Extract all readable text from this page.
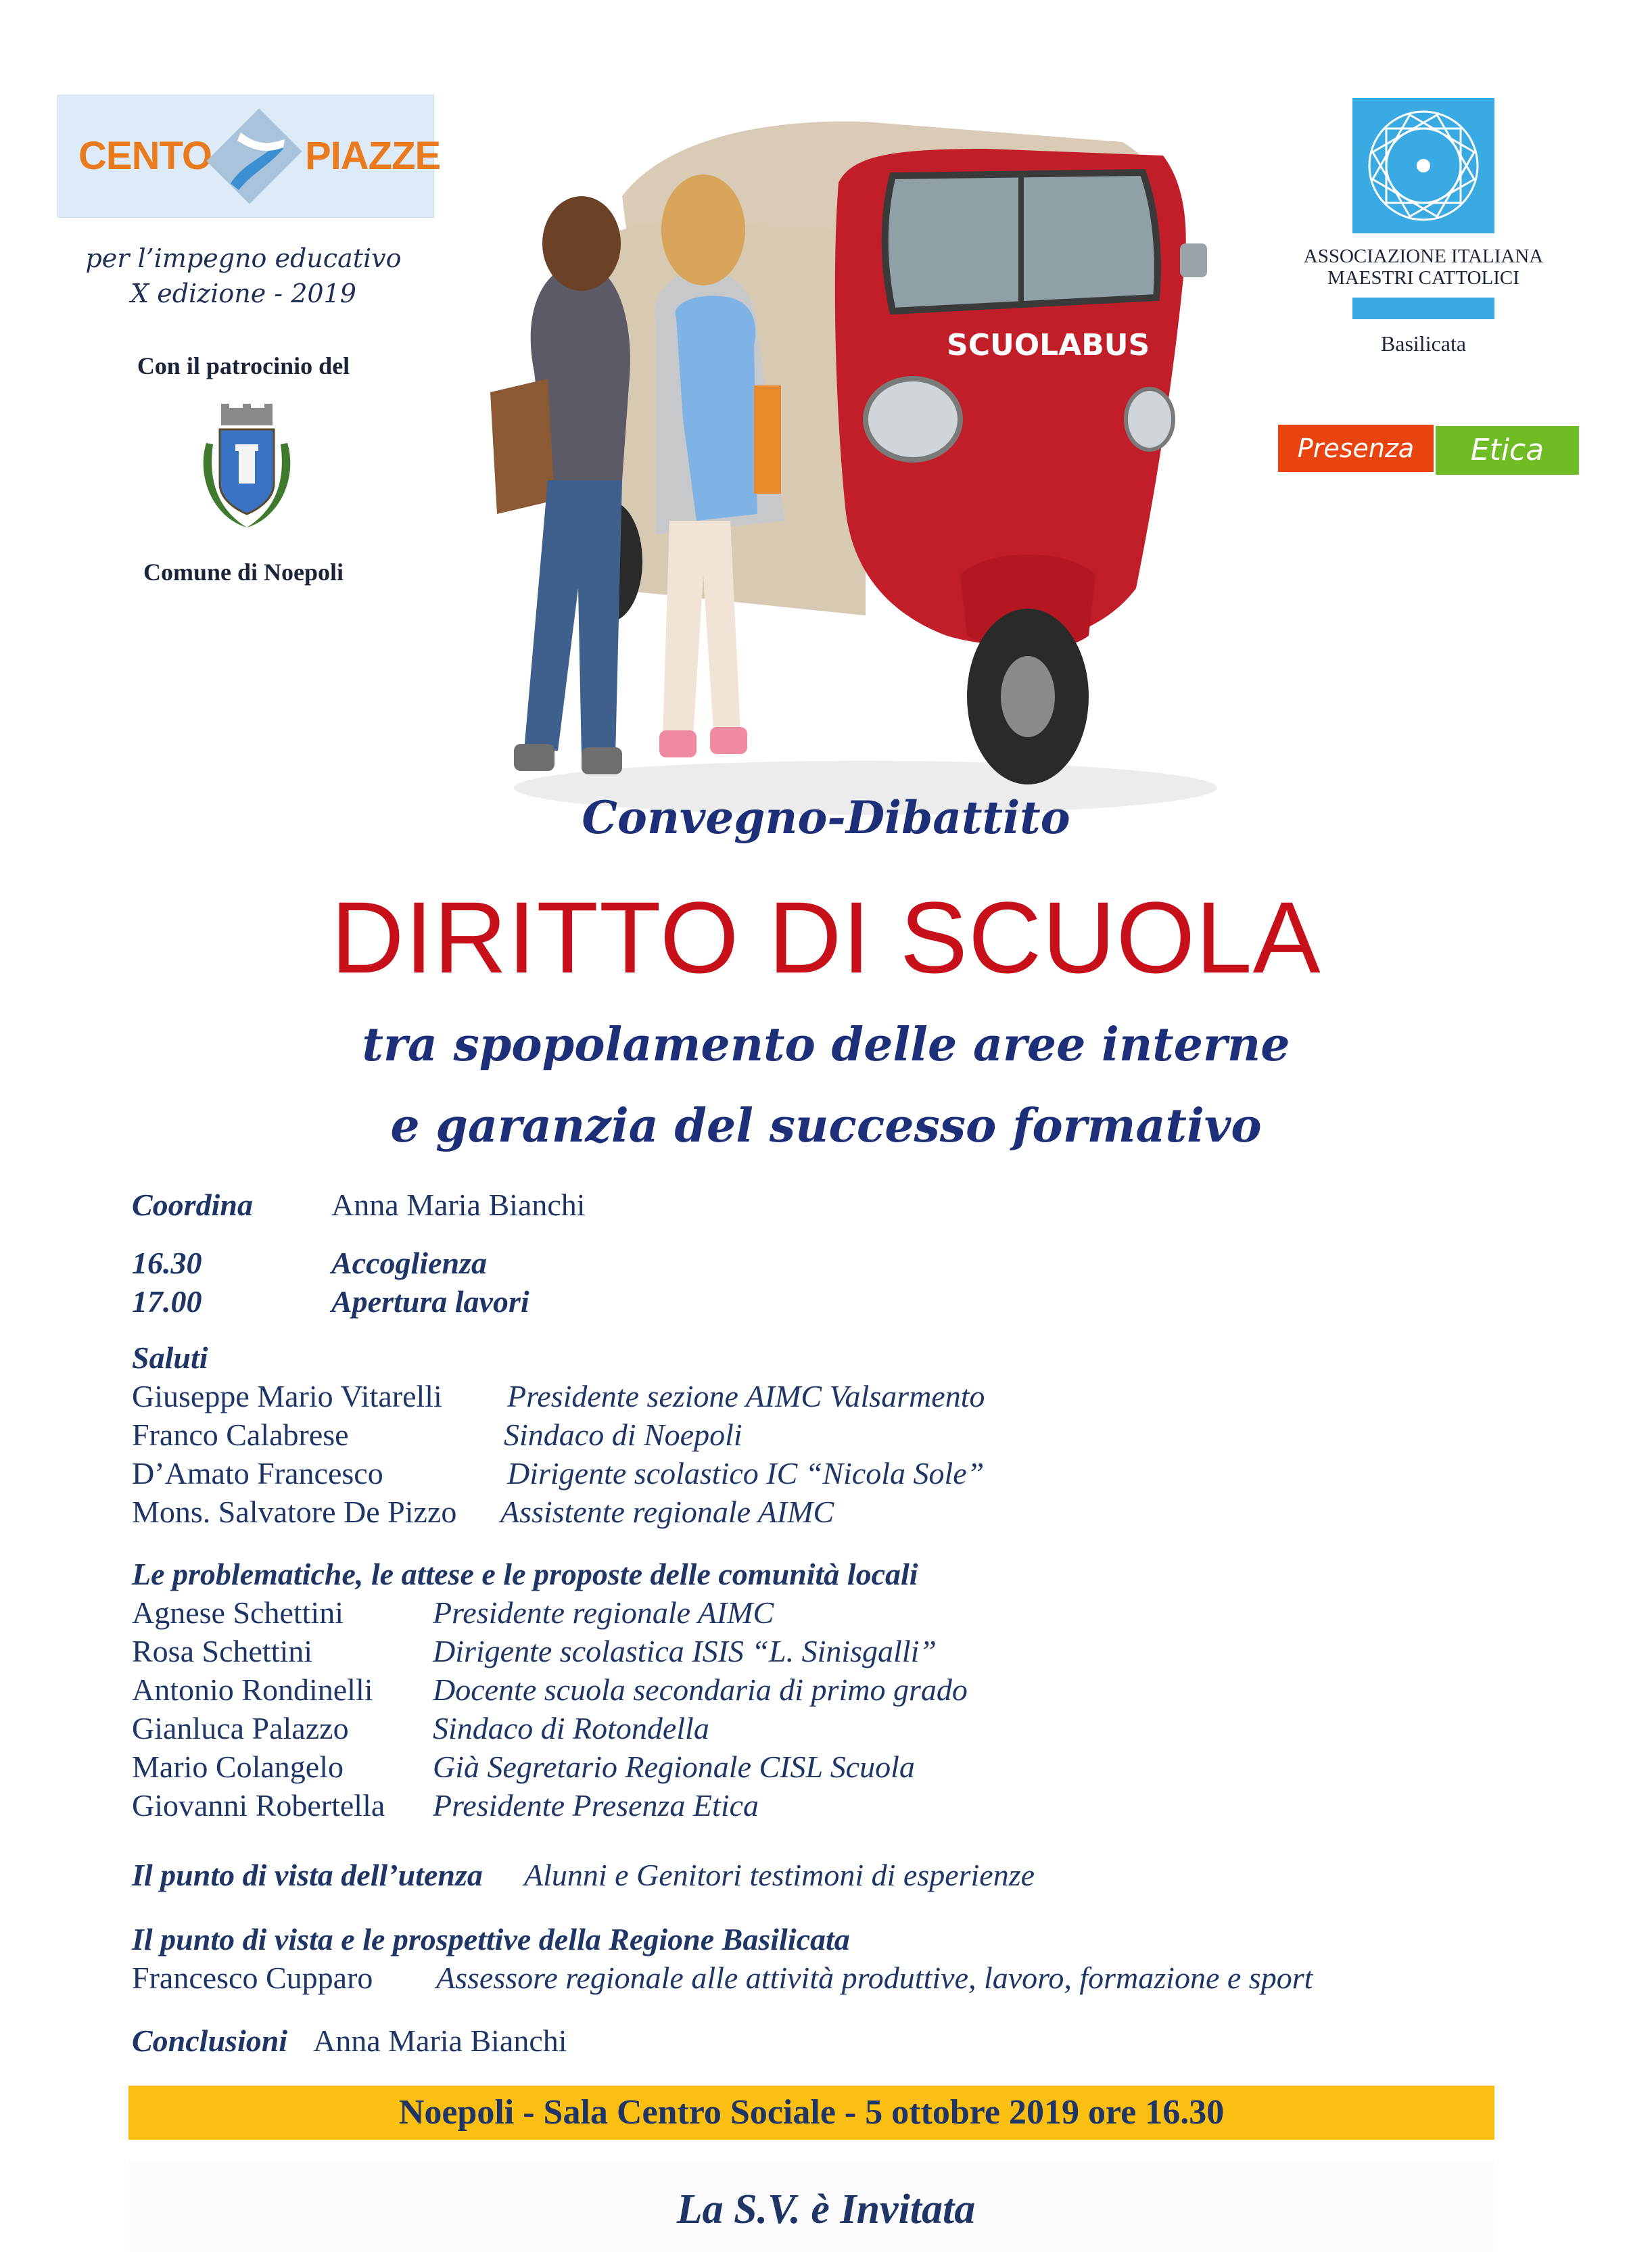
CENTO PIAZZE
per l’impegno educativo
X edizione - 2019
Con il patrocinio del
Comune di Noepoli
ASSOCIAZIONE ITALIANA
MAESTRI CATTOLICI
Basilicata
Presenza	Etica
SCUOLABUS
Convegno-Dibattito
DIRITTO DI SCUOLA
tra spopolamento delle aree interne
e garanzia del successo formativo
Coordina	Anna Maria Bianchi
16.30	Accoglienza
17.00	Apertura lavori
Saluti
Giuseppe Mario Vitarelli Presidente sezione AIMC Valsarmento
Franco Calabrese	Sindaco di Noepoli
D’Amato Francesco	Dirigente scolastico IC “Nicola Sole”
Mons. Salvatore De Pizzo Assistente regionale AIMC
Le problematiche, le attese e le proposte delle comunità locali
Agnese Schettini	Presidente regionale AIMC
Rosa Schettini	Dirigente scolastica ISIS “L. Sinisgalli”
Antonio Rondinelli Docente scuola secondaria di primo grado
Gianluca Palazzo	Sindaco di Rotondella
Mario Colangelo	Già Segretario Regionale CISL Scuola
Giovanni Robertella Presidente Presenza Etica
Il punto di vista dell’utenza Alunni e Genitori testimoni di esperienze
Il punto di vista e le prospettive della Regione Basilicata
Francesco Cupparo Assessore regionale alle attività produttive, lavoro, formazione e sport
Conclusioni Anna Maria Bianchi
Noepoli - Sala Centro Sociale - 5 ottobre 2019 ore 16.30
La S.V. è Invitata
